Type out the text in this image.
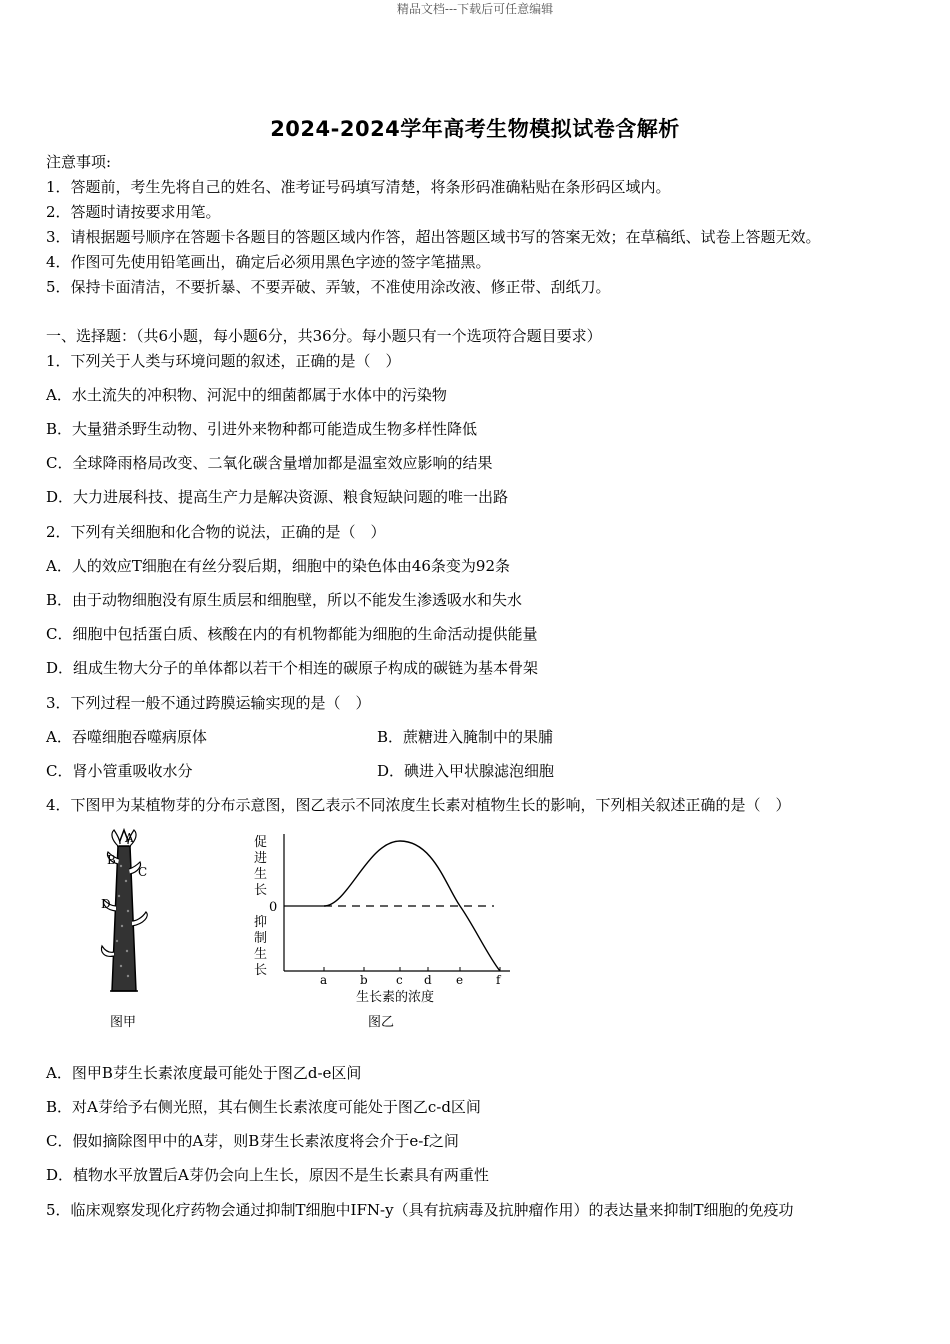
精品文档---下载后可任意编辑
2024-2024学年高考生物模拟试卷含解析
注意事项:
1．答题前，考生先将自己的姓名、准考证号码填写清楚，将条形码准确粘贴在条形码区域内。
2．答题时请按要求用笔。
3．请根据题号顺序在答题卡各题目的答题区域内作答，超出答题区域书写的答案无效；在草稿纸、试卷上答题无效。
4．作图可先使用铅笔画出，确定后必须用黑色字迹的签字笔描黑。
5．保持卡面清洁，不要折暴、不要弄破、弄皱，不准使用涂改液、修正带、刮纸刀。
一、选择题：（共6小题，每小题6分，共36分。每小题只有一个选项符合题目要求）
1．下列关于人类与环境问题的叙述，正确的是（　）
A．水土流失的冲积物、河泥中的细菌都属于水体中的污染物
B．大量猎杀野生动物、引进外来物种都可能造成生物多样性降低
C．全球降雨格局改变、二氧化碳含量增加都是温室效应影响的结果
D．大力进展科技、提高生产力是解决资源、粮食短缺问题的唯一出路
2．下列有关细胞和化合物的说法，正确的是（　）
A．人的效应T细胞在有丝分裂后期，细胞中的染色体由46条变为92条
B．由于动物细胞没有原生质层和细胞壁，所以不能发生渗透吸水和失水
C．细胞中包括蛋白质、核酸在内的有机物都能为细胞的生命活动提供能量
D．组成生物大分子的单体都以若干个相连的碳原子构成的碳链为基本骨架
3．下列过程一般不通过跨膜运输实现的是（　）
A．吞噬细胞吞噬病原体	B．蔗糖进入腌制中的果脯
C．肾小管重吸收水分	D．碘进入甲状腺滤泡细胞
4．下图甲为某植物芽的分布示意图，图乙表示不同浓度生长素对植物生长的影响，下列相关叙述正确的是（　）
A
B
C
D
图甲
促
进
生
长
0
抑
制
生
长
a	b c d e	f
生长素的浓度
图乙
A．图甲B芽生长素浓度最可能处于图乙d-e区间
B．对A芽给予右侧光照，其右侧生长素浓度可能处于图乙c-d区间
C．假如摘除图甲中的A芽，则B芽生长素浓度将会介于e-f之间
D．植物水平放置后A芽仍会向上生长，原因不是生长素具有两重性
5．临床观察发现化疗药物会通过抑制T细胞中IFN-y（具有抗病毒及抗肿瘤作用）的表达量来抑制T细胞的免疫功
